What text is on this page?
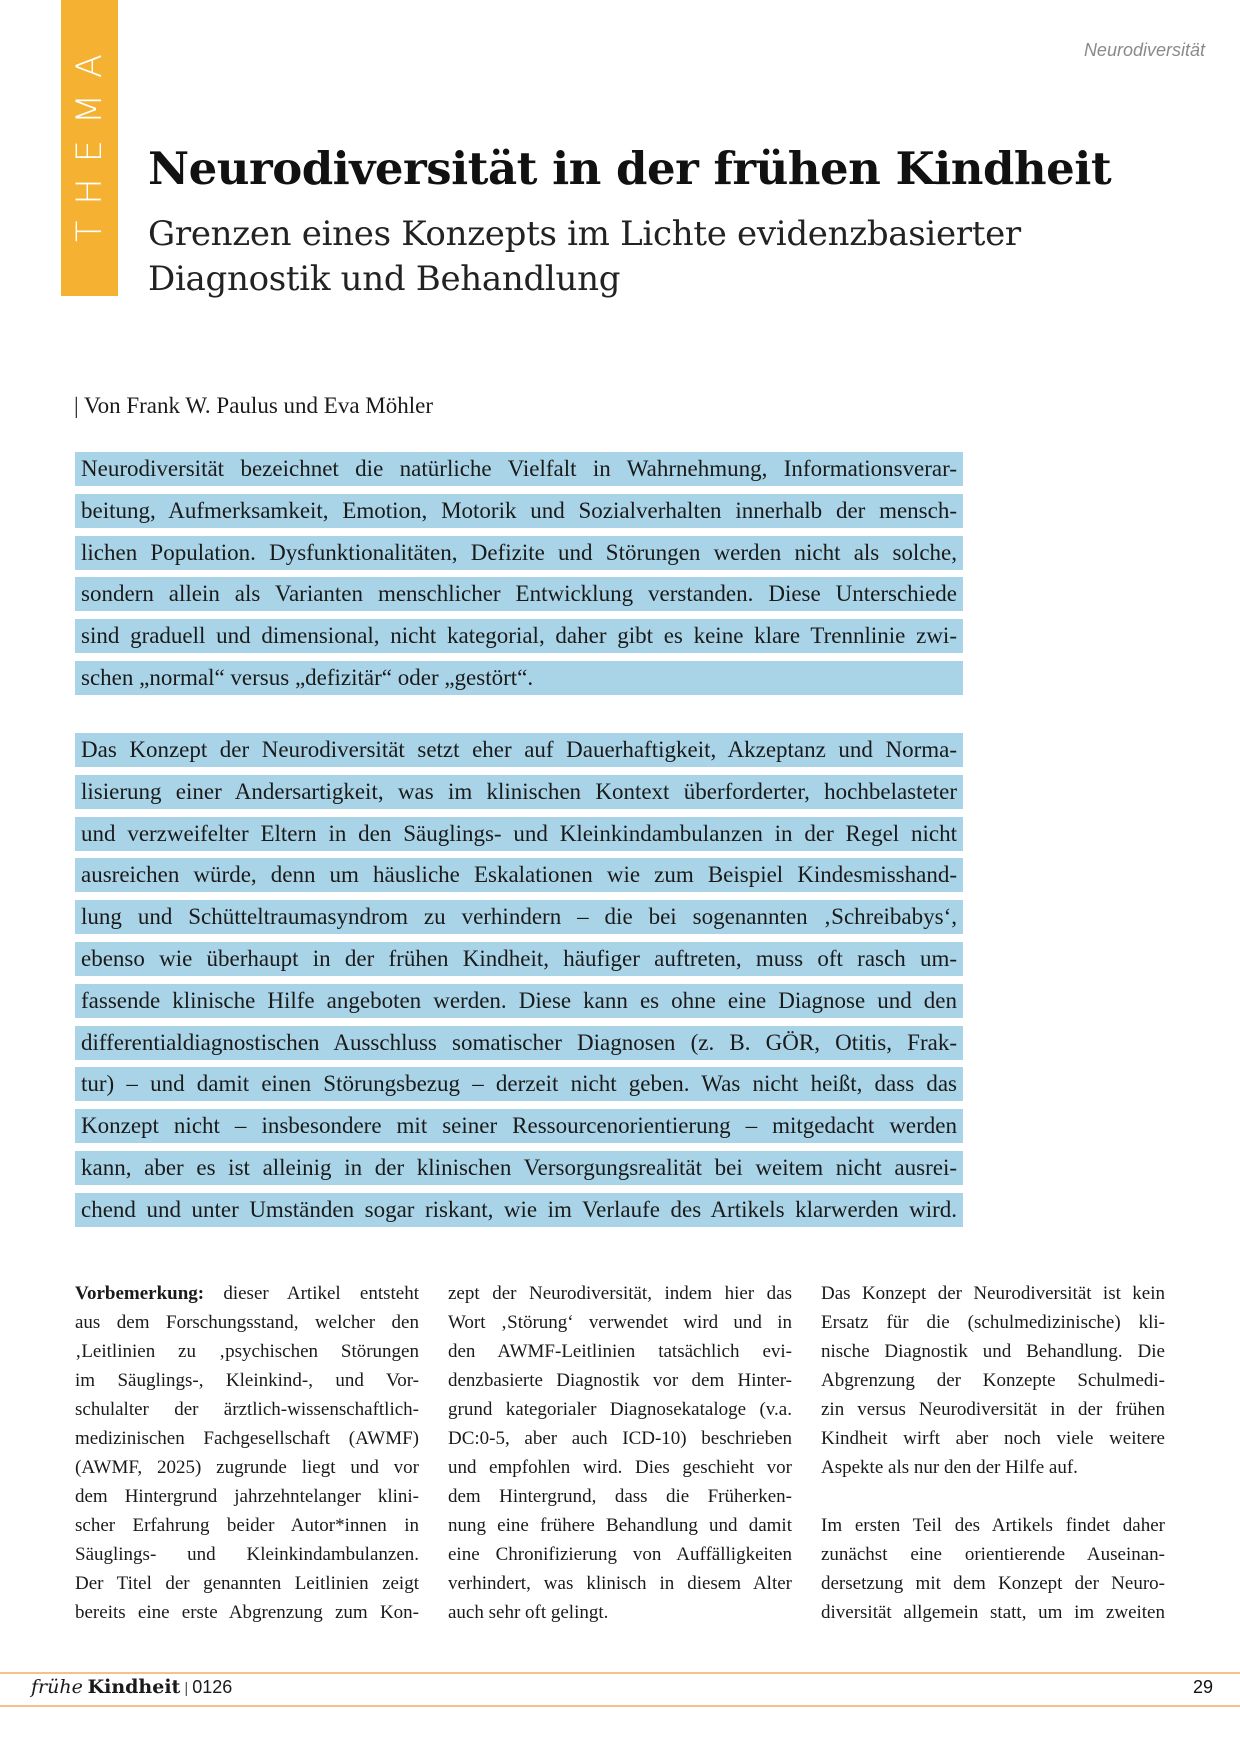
THEMA	Neurodiversität
Neurodiversität in der frühen Kindheit
Grenzen eines Konzepts im Lichte evidenzbasierter
Diagnostik und Behandlung
| Von Frank W. Paulus und Eva Möhler
Neurodiversität bezeichnet die natürliche Vielfalt in Wahrnehmung, Informationsverar-
beitung, Aufmerksamkeit, Emotion, Motorik und Sozialverhalten innerhalb der mensch-
lichen Population. Dysfunktionalitäten, Defizite und Störungen werden nicht als solche,
sondern allein als Varianten menschlicher Entwicklung verstanden. Diese Unterschiede
sind graduell und dimensional, nicht kategorial, daher gibt es keine klare Trennlinie zwi-
schen „normal“ versus „defizitär“ oder „gestört“.
Das Konzept der Neurodiversität setzt eher auf Dauerhaftigkeit, Akzeptanz und Norma-
lisierung einer Andersartigkeit, was im klinischen Kontext überforderter, hochbelasteter
und verzweifelter Eltern in den Säuglings- und Kleinkindambulanzen in der Regel nicht
ausreichen würde, denn um häusliche Eskalationen wie zum Beispiel Kindesmisshand-
lung und Schütteltraumasyndrom zu verhindern – die bei sogenannten ‚Schreibabys‘,
ebenso wie überhaupt in der frühen Kindheit, häufiger auftreten, muss oft rasch um-
fassende klinische Hilfe angeboten werden. Diese kann es ohne eine Diagnose und den
differentialdiagnostischen Ausschluss somatischer Diagnosen (z. B. GÖR, Otitis, Frak-
tur) – und damit einen Störungsbezug – derzeit nicht geben. Was nicht heißt, dass das
Konzept nicht – insbesondere mit seiner Ressourcenorientierung – mitgedacht werden
kann, aber es ist alleinig in der klinischen Versorgungsrealität bei weitem nicht ausrei-
chend und unter Umständen sogar riskant, wie im Verlaufe des Artikels klarwerden wird.
Vorbemerkung: dieser Artikel entsteht
aus dem Forschungsstand, welcher den
‚Leitlinien zu ‚psychischen Störungen
im Säuglings-, Kleinkind-, und Vor-
schulalter der ärztlich-wissenschaftlich-
medizinischen Fachgesellschaft (AWMF)
(AWMF, 2025) zugrunde liegt und vor
dem Hintergrund jahrzehntelanger klini-
scher Erfahrung beider Autor*innen in
Säuglings- und Kleinkindambulanzen.
Der Titel der genannten Leitlinien zeigt
bereits eine erste Abgrenzung zum Kon-
zept der Neurodiversität, indem hier das
Wort ‚Störung‘ verwendet wird und in
den AWMF-Leitlinien tatsächlich evi-
denzbasierte Diagnostik vor dem Hinter-
grund kategorialer Diagnosekataloge (v.a.
DC:0-5, aber auch ICD-10) beschrieben
und empfohlen wird. Dies geschieht vor
dem Hintergrund, dass die Früherken-
nung eine frühere Behandlung und damit
eine Chronifizierung von Auffälligkeiten
verhindert, was klinisch in diesem Alter
auch sehr oft gelingt.
Das Konzept der Neurodiversität ist kein
Ersatz für die (schulmedizinische) kli-
nische Diagnostik und Behandlung. Die
Abgrenzung der Konzepte Schulmedi-
zin versus Neurodiversität in der frühen
Kindheit wirft aber noch viele weitere
Aspekte als nur den der Hilfe auf.
Im ersten Teil des Artikels findet daher
zunächst eine orientierende Auseinan-
dersetzung mit dem Konzept der Neuro-
diversität allgemein statt, um im zweiten
frühe Kindheit | 0126	29
